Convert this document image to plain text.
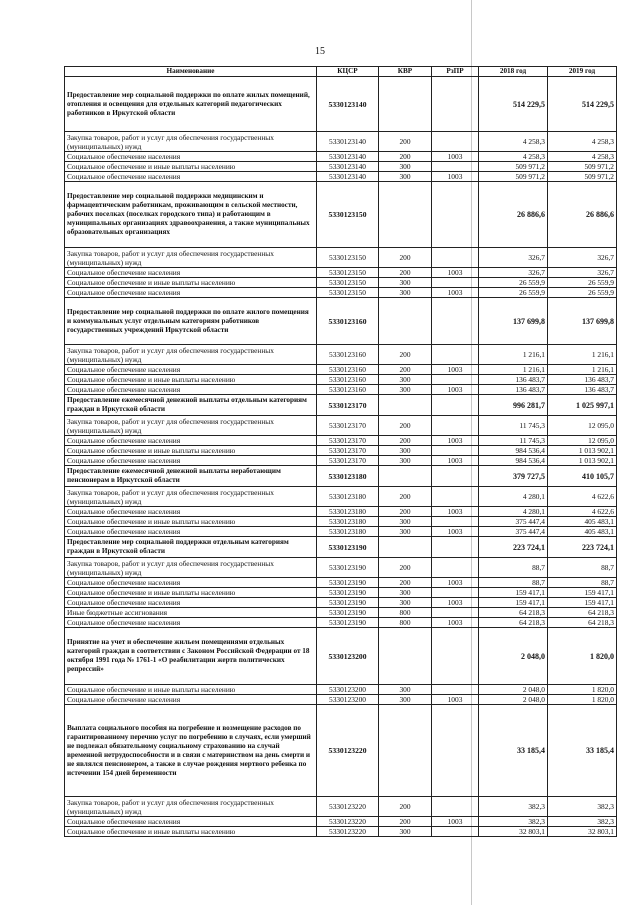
15
Наименование	КЦСР	КВР	РзПР	2018 год	2019 год
Предоставление мер социальной поддержки по оплате жилых помещений, отопления и освещения для отдельных категорий педагогических работников в Иркутской области	5330123140			514 229,5	514 229,5
Закупка товаров, работ и услуг для обеспечения государственных (муниципальных) нужд	5330123140	200		4 258,3	4 258,3
Социальное обеспечение населения	5330123140	200	1003	4 258,3	4 258,3
Социальное обеспечение и иные выплаты населению	5330123140	300		509 971,2	509 971,2
Социальное обеспечение населения	5330123140	300	1003	509 971,2	509 971,2
Предоставление мер социальной поддержки медицинским и фармацевтическим работникам, проживающим в сельской местности, рабочих поселках (поселках городского типа) и работающим в муниципальных организациях здравоохранения, а также муниципальных образовательных организациях	5330123150			26 886,6	26 886,6
Закупка товаров, работ и услуг для обеспечения государственных (муниципальных) нужд	5330123150	200		326,7	326,7
Социальное обеспечение населения	5330123150	200	1003	326,7	326,7
Социальное обеспечение и иные выплаты населению	5330123150	300		26 559,9	26 559,9
Социальное обеспечение населения	5330123150	300	1003	26 559,9	26 559,9
Предоставление мер социальной поддержки по оплате жилого помещения и коммунальных услуг отдельным категориям работников государственных учреждений Иркутской области	5330123160			137 699,8	137 699,8
Закупка товаров, работ и услуг для обеспечения государственных (муниципальных) нужд	5330123160	200		1 216,1	1 216,1
Социальное обеспечение населения	5330123160	200	1003	1 216,1	1 216,1
Социальное обеспечение и иные выплаты населению	5330123160	300		136 483,7	136 483,7
Социальное обеспечение населения	5330123160	300	1003	136 483,7	136 483,7
Предоставление ежемесячной денежной выплаты отдельным категориям граждан в Иркутской области	5330123170			996 281,7	1 025 997,1
Закупка товаров, работ и услуг для обеспечения государственных (муниципальных) нужд	5330123170	200		11 745,3	12 095,0
Социальное обеспечение населения	5330123170	200	1003	11 745,3	12 095,0
Социальное обеспечение и иные выплаты населению	5330123170	300		984 536,4	1 013 902,1
Социальное обеспечение населения	5330123170	300	1003	984 536,4	1 013 902,1
Предоставление ежемесячной денежной выплаты неработающим пенсионерам в Иркутской области	5330123180			379 727,5	410 105,7
Закупка товаров, работ и услуг для обеспечения государственных (муниципальных) нужд	5330123180	200		4 280,1	4 622,6
Социальное обеспечение населения	5330123180	200	1003	4 280,1	4 622,6
Социальное обеспечение и иные выплаты населению	5330123180	300		375 447,4	405 483,1
Социальное обеспечение населения	5330123180	300	1003	375 447,4	405 483,1
Предоставление мер социальной поддержки отдельным категориям граждан в Иркутской области	5330123190			223 724,1	223 724,1
Закупка товаров, работ и услуг для обеспечения государственных (муниципальных) нужд	5330123190	200		88,7	88,7
Социальное обеспечение населения	5330123190	200	1003	88,7	88,7
Социальное обеспечение и иные выплаты населению	5330123190	300		159 417,1	159 417,1
Социальное обеспечение населения	5330123190	300	1003	159 417,1	159 417,1
Иные бюджетные ассигнования	5330123190	800		64 218,3	64 218,3
Социальное обеспечение населения	5330123190	800	1003	64 218,3	64 218,3
Принятие на учет и обеспечение жильем помещениями отдельных категорий граждан в соответствии с Законом Российской Федерации от 18 октября 1991 года № 1761-1 «О реабилитации жертв политических репрессий»	5330123200			2 048,0	1 820,0
Социальное обеспечение и иные выплаты населению	5330123200	300		2 048,0	1 820,0
Социальное обеспечение населения	5330123200	300	1003	2 048,0	1 820,0
Выплата социального пособия на погребение и возмещение расходов по гарантированному перечню услуг по погребению в случаях, если умерший не подлежал обязательному социальному страхованию на случай временной нетрудоспособности и в связи с материнством на день смерти и не являлся пенсионером, а также в случае рождения мертвого ребенка по истечении 154 дней беременности	5330123220			33 185,4	33 185,4
Закупка товаров, работ и услуг для обеспечения государственных (муниципальных) нужд	5330123220	200		382,3	382,3
Социальное обеспечение населения	5330123220	200	1003	382,3	382,3
Социальное обеспечение и иные выплаты населению	5330123220	300		32 803,1	32 803,1
